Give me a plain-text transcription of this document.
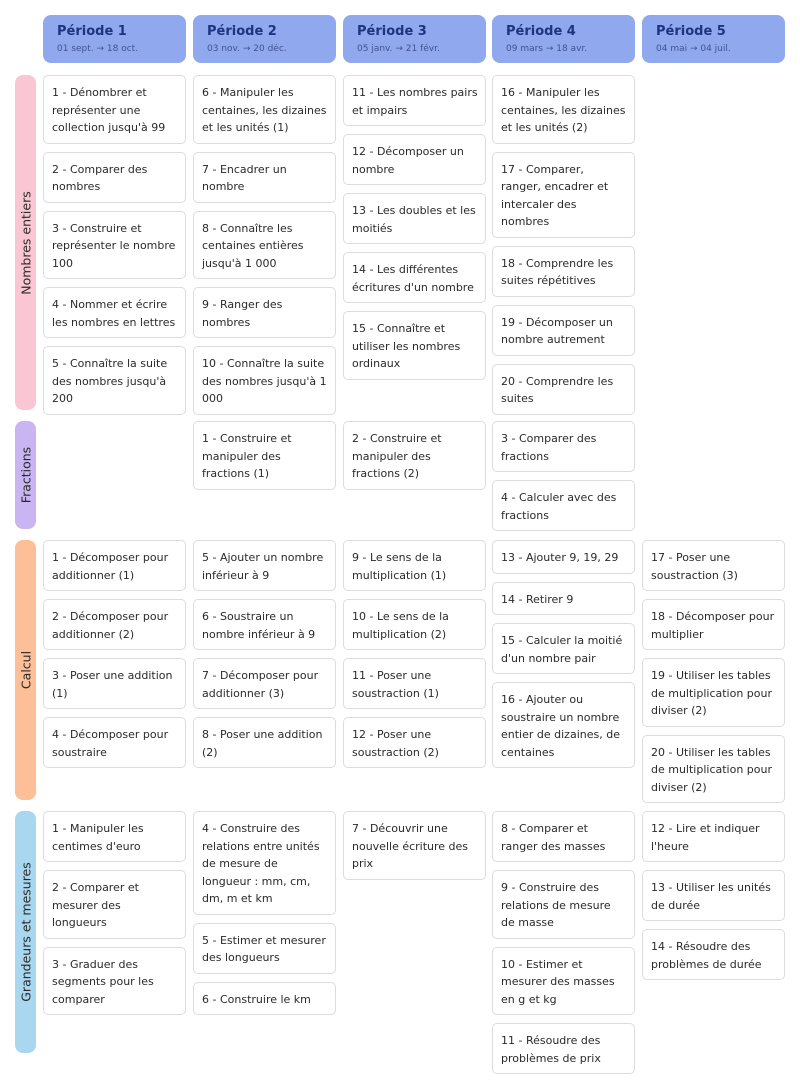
Période 1
01 sept. → 18 oct.
Période 2
03 nov. → 20 déc.
Période 3
05 janv. → 21 févr.
Période 4
09 mars → 18 avr.
Période 5
04 mai → 04 juil.
Nombres entiers
1 - Dénombrer et représenter une collection jusqu'à 99
2 - Comparer des nombres
3 - Construire et représenter le nombre 100
4 - Nommer et écrire les nombres en lettres
5 - Connaître la suite des nombres jusqu'à 200
6 - Manipuler les centaines, les dizaines et les unités (1)
7 - Encadrer un nombre
8 - Connaître les centaines entières jusqu'à 1 000
9 - Ranger des nombres
10 - Connaître la suite des nombres jusqu'à 1 000
11 - Les nombres pairs et impairs
12 - Décomposer un nombre
13 - Les doubles et les moitiés
14 - Les différentes écritures d'un nombre
15 - Connaître et utiliser les nombres ordinaux
16 - Manipuler les centaines, les dizaines et les unités (2)
17 - Comparer, ranger, encadrer et intercaler des nombres
18 - Comprendre les suites répétitives
19 - Décomposer un nombre autrement
20 - Comprendre les suites
Fractions
1 - Construire et manipuler des fractions (1)
2 - Construire et manipuler des fractions (2)
3 - Comparer des fractions
4 - Calculer avec des fractions
Calcul
1 - Décomposer pour additionner (1)
2 - Décomposer pour additionner (2)
3 - Poser une addition (1)
4 - Décomposer pour soustraire
5 - Ajouter un nombre inférieur à 9
6 - Soustraire un nombre inférieur à 9
7 - Décomposer pour additionner (3)
8 - Poser une addition (2)
9 - Le sens de la multiplication (1)
10 - Le sens de la multiplication (2)
11 - Poser une soustraction (1)
12 - Poser une soustraction (2)
13 - Ajouter 9, 19, 29
14 - Retirer 9
15 - Calculer la moitié d'un nombre pair
16 - Ajouter ou soustraire un nombre entier de dizaines, de centaines
17 - Poser une soustraction (3)
18 - Décomposer pour multiplier
19 - Utiliser les tables de multiplication pour diviser (2)
20 - Utiliser les tables de multiplication pour diviser (2)
Grandeurs et mesures
1 - Manipuler les centimes d'euro
2 - Comparer et mesurer des longueurs
3 - Graduer des segments pour les comparer
4 - Construire des relations entre unités de mesure de longueur : mm, cm, dm, m et km
5 - Estimer et mesurer des longueurs
6 - Construire le km
7 - Découvrir une nouvelle écriture des prix
8 - Comparer et ranger des masses
9 - Construire des relations de mesure de masse
10 - Estimer et mesurer des masses en g et kg
11 - Résoudre des problèmes de prix
12 - Lire et indiquer l'heure
13 - Utiliser les unités de durée
14 - Résoudre des problèmes de durée
